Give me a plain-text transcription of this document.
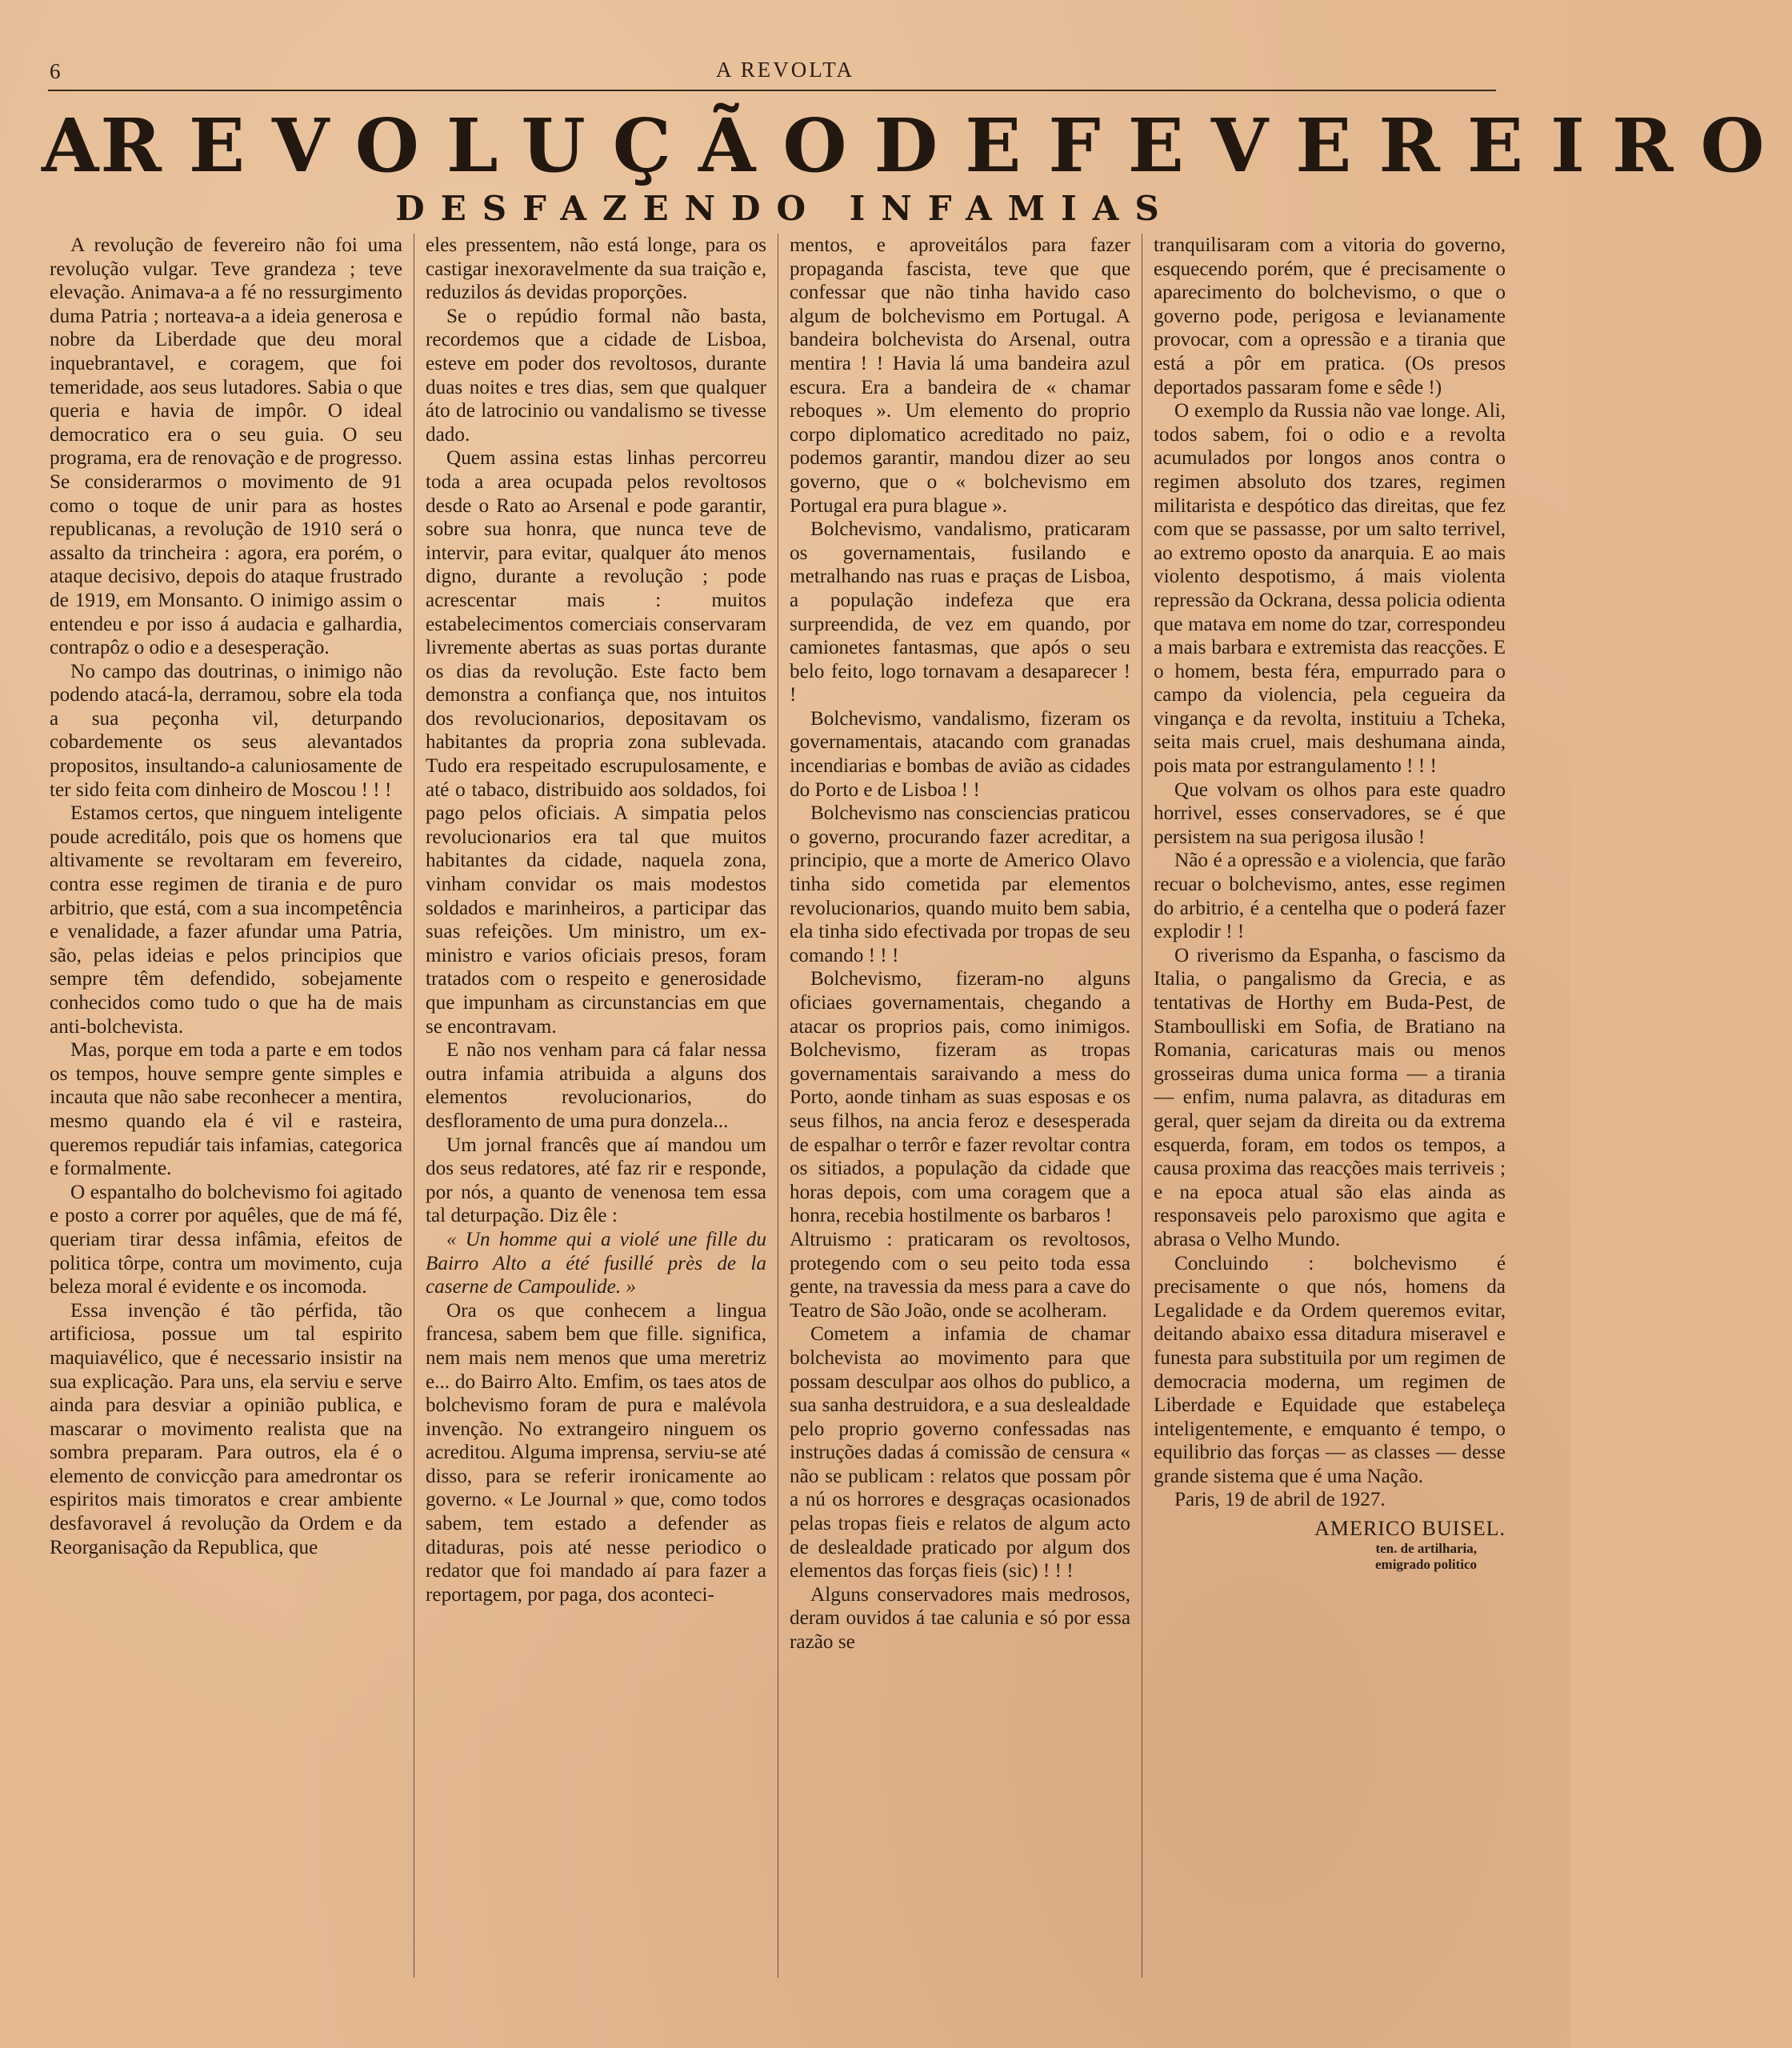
6	A REVOLTA
A REVOLUÇÃO DE FEVEREIRO
DESFAZENDO INFAMIAS

A revolução de fevereiro não foi uma revolução vulgar. Teve grandeza ; teve elevação. Animava-a a fé no ressurgimento duma Patria ; norteava-a a ideia generosa e nobre da Liberdade que deu moral inquebrantavel, e coragem, que foi temeridade, aos seus lutadores. Sabia o que queria e havia de impôr. O ideal democratico era o seu guia. O seu programa, era de renovação e de progresso. Se considerarmos o movimento de 91 como o toque de unir para as hostes republicanas, a revolução de 1910 será o assalto da trincheira : agora, era porém, o ataque decisivo, depois do ataque frustrado de 1919, em Monsanto. O inimigo assim o entendeu e por isso á audacia e galhardia, contrapôz o odio e a desesperação.

No campo das doutrinas, o inimigo não podendo atacá-la, derramou, sobre ela toda a sua peçonha vil, deturpando cobardemente os seus alevantados propositos, insultando-a caluniosamente de ter sido feita com dinheiro de Moscou ! ! !

Estamos certos, que ninguem inteligente poude acreditálo, pois que os homens que altivamente se revoltaram em fevereiro, contra esse regimen de tirania e de puro arbitrio, que está, com a sua incompetência e venalidade, a fazer afundar uma Patria, são, pelas ideias e pelos principios que sempre têm defendido, sobejamente conhecidos como tudo o que ha de mais anti-bolchevista.

Mas, porque em toda a parte e em todos os tempos, houve sempre gente simples e incauta que não sabe reconhecer a mentira, mesmo quando ela é vil e rasteira, queremos repudiár tais infamias, categorica e formalmente.

O espantalho do bolchevismo foi agitado e posto a correr por aquêles, que de má fé, queriam tirar dessa infâmia, efeitos de politica tôrpe, contra um movimento, cuja beleza moral é evidente e os incomoda.

Essa invenção é tão pérfida, tão artificiosa, possue um tal espirito maquiavélico, que é necessario insistir na sua explicação. Para uns, ela serviu e serve ainda para desviar a opinião publica, e mascarar o movimento realista que na sombra preparam. Para outros, ela é o elemento de convicção para amedrontar os espiritos mais timoratos e crear ambiente desfavoravel á revolução da Ordem e da Reorganisação da Republica, que

eles pressentem, não está longe, para os castigar inexoravelmente da sua traição e, reduzilos ás devidas proporções.

Se o repúdio formal não basta, recordemos que a cidade de Lisboa, esteve em poder dos revoltosos, durante duas noites e tres dias, sem que qualquer áto de latrocinio ou vandalismo se tivesse dado.

Quem assina estas linhas percorreu toda a area ocupada pelos revoltosos desde o Rato ao Arsenal e pode garantir, sobre sua honra, que nunca teve de intervir, para evitar, qualquer áto menos digno, durante a revolução ; pode acrescentar mais : muitos estabelecimentos comerciais conservaram livremente abertas as suas portas durante os dias da revolução. Este facto bem demonstra a confiança que, nos intuitos dos revolucionarios, depositavam os habitantes da propria zona sublevada. Tudo era respeitado escrupulosamente, e até o tabaco, distribuido aos soldados, foi pago pelos oficiais. A simpatia pelos revolucionarios era tal que muitos habitantes da cidade, naquela zona, vinham convidar os mais modestos soldados e marinheiros, a participar das suas refeições. Um ministro, um ex-ministro e varios oficiais presos, foram tratados com o respeito e generosidade que impunham as circunstancias em que se encontravam.

E não nos venham para cá falar nessa outra infamia atribuida a alguns dos elementos revolucionarios, do desfloramento de uma pura donzela...

Um jornal francês que aí mandou um dos seus redatores, até faz rir e responde, por nós, a quanto de venenosa tem essa tal deturpação. Diz êle :

« Un homme qui a violé une fille du Bairro Alto a été fusillé près de la caserne de Campoulide. »

Ora os que conhecem a lingua francesa, sabem bem que fille. significa, nem mais nem menos que uma meretriz e... do Bairro Alto. Emfim, os taes atos de bolchevismo foram de pura e malévola invenção. No extrangeiro ninguem os acreditou. Alguma imprensa, serviu-se até disso, para se referir ironicamente ao governo. « Le Journal » que, como todos sabem, tem estado a defender as ditaduras, pois até nesse periodico o redator que foi mandado aí para fazer a reportagem, por paga, dos aconteci-

mentos, e aproveitálos para fazer propaganda fascista, teve que que confessar que não tinha havido caso algum de bolchevismo em Portugal. A bandeira bolchevista do Arsenal, outra mentira ! ! Havia lá uma bandeira azul escura. Era a bandeira de « chamar reboques ». Um elemento do proprio corpo diplomatico acreditado no paiz, podemos garantir, mandou dizer ao seu governo, que o « bolchevismo em Portugal era pura blague ».

Bolchevismo, vandalismo, praticaram os governamentais, fusilando e metralhando nas ruas e praças de Lisboa, a população indefeza que era surpreendida, de vez em quando, por camionetes fantasmas, que após o seu belo feito, logo tornavam a desaparecer ! !

Bolchevismo, vandalismo, fizeram os governamentais, atacando com granadas incendiarias e bombas de avião as cidades do Porto e de Lisboa ! !

Bolchevismo nas consciencias praticou o governo, procurando fazer acreditar, a principio, que a morte de Americo Olavo tinha sido cometida par elementos revolucionarios, quando muito bem sabia, ela tinha sido efectivada por tropas de seu comando ! ! !

Bolchevismo, fizeram-no alguns oficiaes governamentais, chegando a atacar os proprios pais, como inimigos. Bolchevismo, fizeram as tropas governamentais saraivando a mess do Porto, aonde tinham as suas esposas e os seus filhos, na ancia feroz e desesperada de espalhar o terrôr e fazer revoltar contra os sitiados, a população da cidade que horas depois, com uma coragem que a honra, recebia hostilmente os barbaros !

Altruismo : praticaram os revoltosos, protegendo com o seu peito toda essa gente, na travessia da mess para a cave do Teatro de São João, onde se acolheram.

Cometem a infamia de chamar bolchevista ao movimento para que possam desculpar aos olhos do publico, a sua sanha destruidora, e a sua deslealdade pelo proprio governo confessadas nas instruções dadas á comissão de censura « não se publicam : relatos que possam pôr a nú os horrores e desgraças ocasionados pelas tropas fieis e relatos de algum acto de deslealdade praticado por algum dos elementos das forças fieis (sic) ! ! !

Alguns conservadores mais medrosos, deram ouvidos á tae calunia e só por essa razão se

tranquilisaram com a vitoria do governo, esquecendo porém, que é precisamente o aparecimento do bolchevismo, o que o governo pode, perigosa e levianamente provocar, com a opressão e a tirania que está a pôr em pratica. (Os presos deportados passaram fome e sêde !)

O exemplo da Russia não vae longe. Ali, todos sabem, foi o odio e a revolta acumulados por longos anos contra o regimen absoluto dos tzares, regimen militarista e despótico das direitas, que fez com que se passasse, por um salto terrivel, ao extremo oposto da anarquia. E ao mais violento despotismo, á mais violenta repressão da Ockrana, dessa policia odienta que matava em nome do tzar, correspondeu a mais barbara e extremista das reacções. E o homem, besta féra, empurrado para o campo da violencia, pela cegueira da vingança e da revolta, instituiu a Tcheka, seita mais cruel, mais deshumana ainda, pois mata por estrangulamento ! ! !

Que volvam os olhos para este quadro horrivel, esses conservadores, se é que persistem na sua perigosa ilusão !

Não é a opressão e a violencia, que farão recuar o bolchevismo, antes, esse regimen do arbitrio, é a centelha que o poderá fazer explodir ! !

O riverismo da Espanha, o fascismo da Italia, o pangalismo da Grecia, e as tentativas de Horthy em Buda-Pest, de Stamboulliski em Sofia, de Bratiano na Romania, caricaturas mais ou menos grosseiras duma unica forma — a tirania — enfim, numa palavra, as ditaduras em geral, quer sejam da direita ou da extrema esquerda, foram, em todos os tempos, a causa proxima das reacções mais terriveis ; e na epoca atual são elas ainda as responsaveis pelo paroxismo que agita e abrasa o Velho Mundo.

Concluindo : bolchevismo é precisamente o que nós, homens da Legalidade e da Ordem queremos evitar, deitando abaixo essa ditadura miseravel e funesta para substituila por um regimen de democracia moderna, um regimen de Liberdade e Equidade que estabeleça inteligentemente, e emquanto é tempo, o equilibrio das forças — as classes — desse grande sistema que é uma Nação.

Paris, 19 de abril de 1927.

AMERICO BUISEL.
ten. de artilharia,
emigrado politico
